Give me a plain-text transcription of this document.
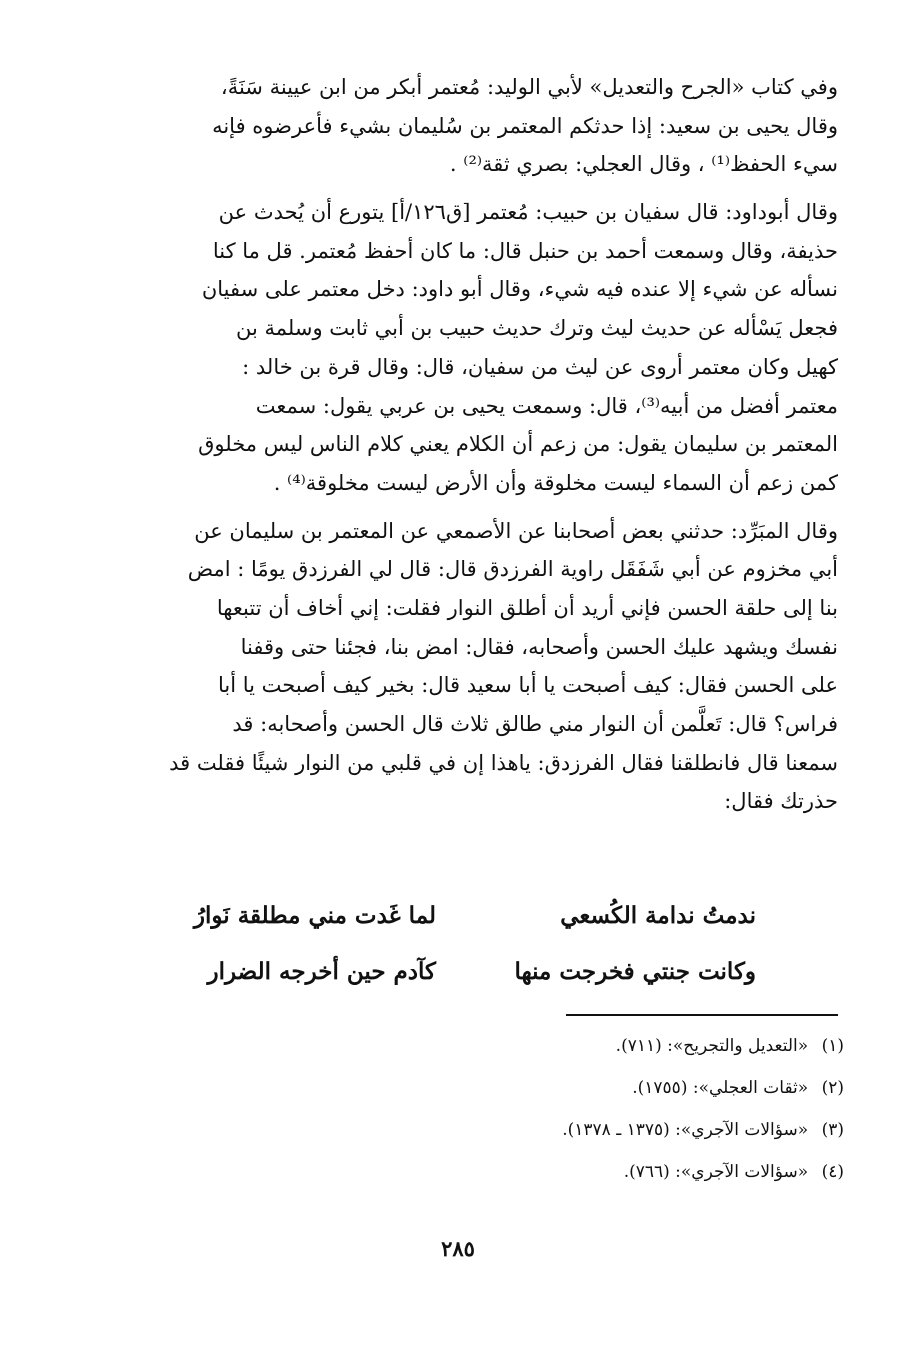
وفي كتاب «الجرح والتعديل» لأبي الوليد: مُعتمر أبكر من ابن عيينة سَنَةً،
وقال يحيى بن سعيد: إذا حدثكم المعتمر بن سُليمان بشيء فأعرضوه فإنه
سيء الحفظ⁽¹⁾ ، وقال العجلي: بصري ثقة⁽²⁾ .
وقال أبوداود: قال سفيان بن حبيب: مُعتمر [ق١٢٦/أ] يتورع أن يُحدث عن
حذيفة، وقال وسمعت أحمد بن حنبل قال: ما كان أحفظ مُعتمر. قل ما كنا
نسأله عن شيء إلا عنده فيه شيء، وقال أبو داود: دخل معتمر على سفيان
فجعل يَسْأله عن حديث ليث وترك حديث حبيب بن أبي ثابت وسلمة بن
كهيل وكان معتمر أروى عن ليث من سفيان، قال: وقال قرة بن خالد :
معتمر أفضل من أبيه⁽³⁾، قال: وسمعت يحيى بن عربي يقول: سمعت
المعتمر بن سليمان يقول: من زعم أن الكلام يعني كلام الناس ليس مخلوق
كمن زعم أن السماء ليست مخلوقة وأن الأرض ليست مخلوقة⁽⁴⁾ .
وقال المبَرِّد: حدثني بعض أصحابنا عن الأصمعي عن المعتمر بن سليمان عن
أبي مخزوم عن أبي شَفَقَل راوية الفرزدق قال: قال لي الفرزدق يومًا : امض
بنا إلى حلقة الحسن فإني أريد أن أطلق النوار فقلت: إني أخاف أن تتبعها
نفسك ويشهد عليك الحسن وأصحابه، فقال: امض بنا، فجئنا حتى وقفنا
على الحسن فقال: كيف أصبحت يا أبا سعيد قال: بخير كيف أصبحت يا أبا
فراس؟ قال: تَعلَّمن أن النوار مني طالق ثلاث قال الحسن وأصحابه: قد
سمعنا قال فانطلقنا فقال الفرزدق: ياهذا إن في قلبي من النوار شيئًا فقلت قد
حذرتك فقال:
ندمتُ ندامة الكُسعي
لما غَدت مني مطلقة نَوارُ
وكانت جنتي فخرجت منها
كآدم حين أخرجه الضرار
(١) «التعديل والتجريح»: (٧١١).
(٢) «ثقات العجلي»: (١٧٥٥).
(٣) «سؤالات الآجري»: (١٣٧٥ ـ ١٣٧٨).
(٤) «سؤالات الآجري»: (٧٦٦).
٢٨٥
